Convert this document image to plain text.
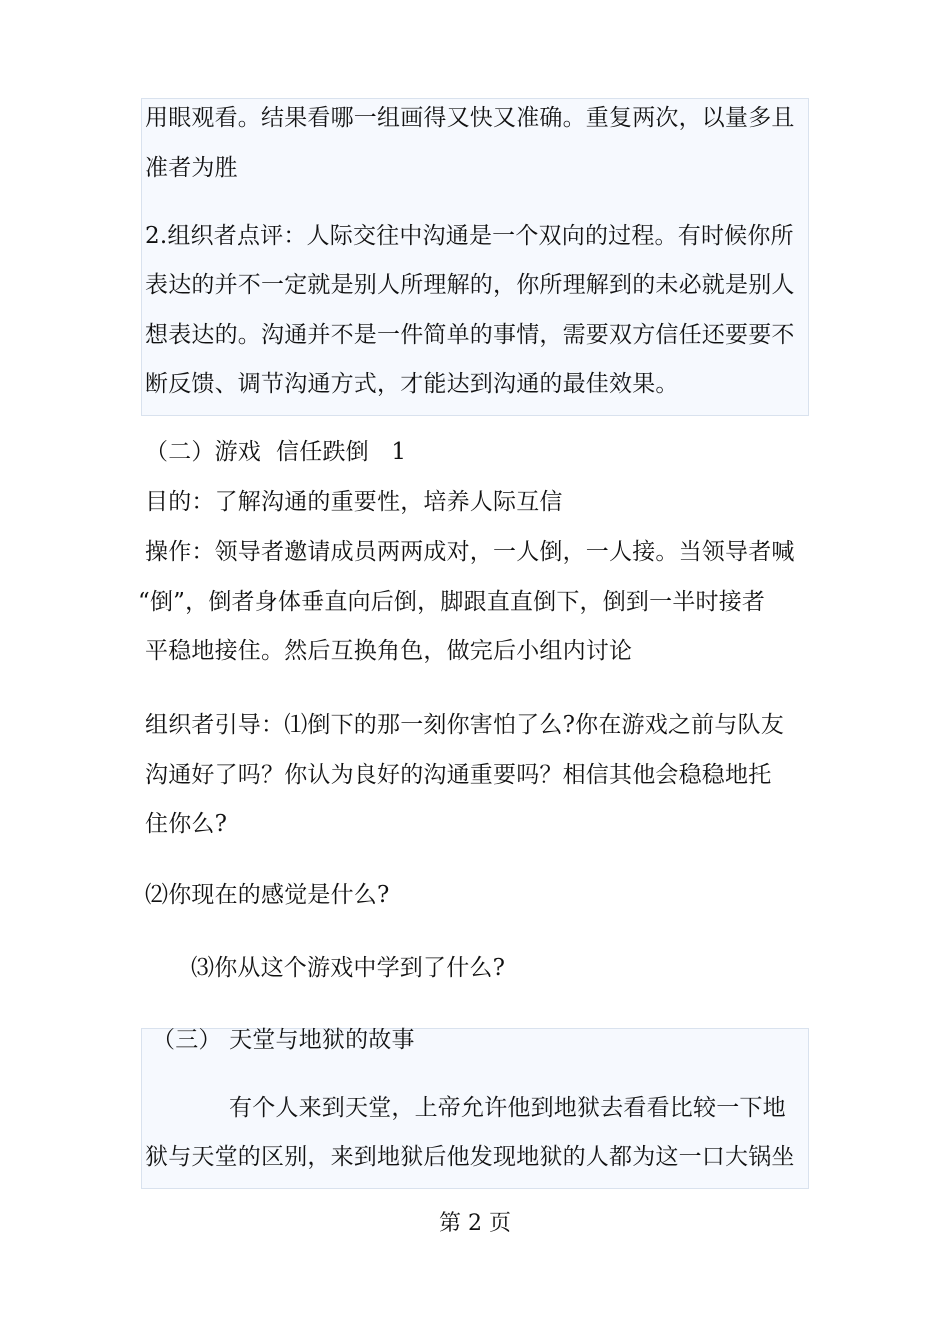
用眼观看。结果看哪一组画得又快又准确。重复两次，以量多且
准者为胜
2.组织者点评：人际交往中沟通是一个双向的过程。有时候你所
表达的并不一定就是别人所理解的，你所理解到的未必就是别人
想表达的。沟通并不是一件简单的事情，需要双方信任还要要不
断反馈、调节沟通方式，才能达到沟通的最佳效果。
（二）游戏  信任跌倒   1
目的：了解沟通的重要性，培养人际互信
操作：领导者邀请成员两两成对，一人倒，一人接。当领导者喊
“倒”，倒者身体垂直向后倒，脚跟直直倒下，倒到一半时接者
平稳地接住。然后互换角色，做完后小组内讨论
组织者引导：⑴倒下的那一刻你害怕了么?你在游戏之前与队友
沟通好了吗？你认为良好的沟通重要吗？相信其他会稳稳地托
住你么?
⑵你现在的感觉是什么?
⑶你从这个游戏中学到了什么?
（三） 天堂与地狱的故事
有个人来到天堂，上帝允许他到地狱去看看比较一下地
狱与天堂的区别，来到地狱后他发现地狱的人都为这一口大锅坐
第 2 页
